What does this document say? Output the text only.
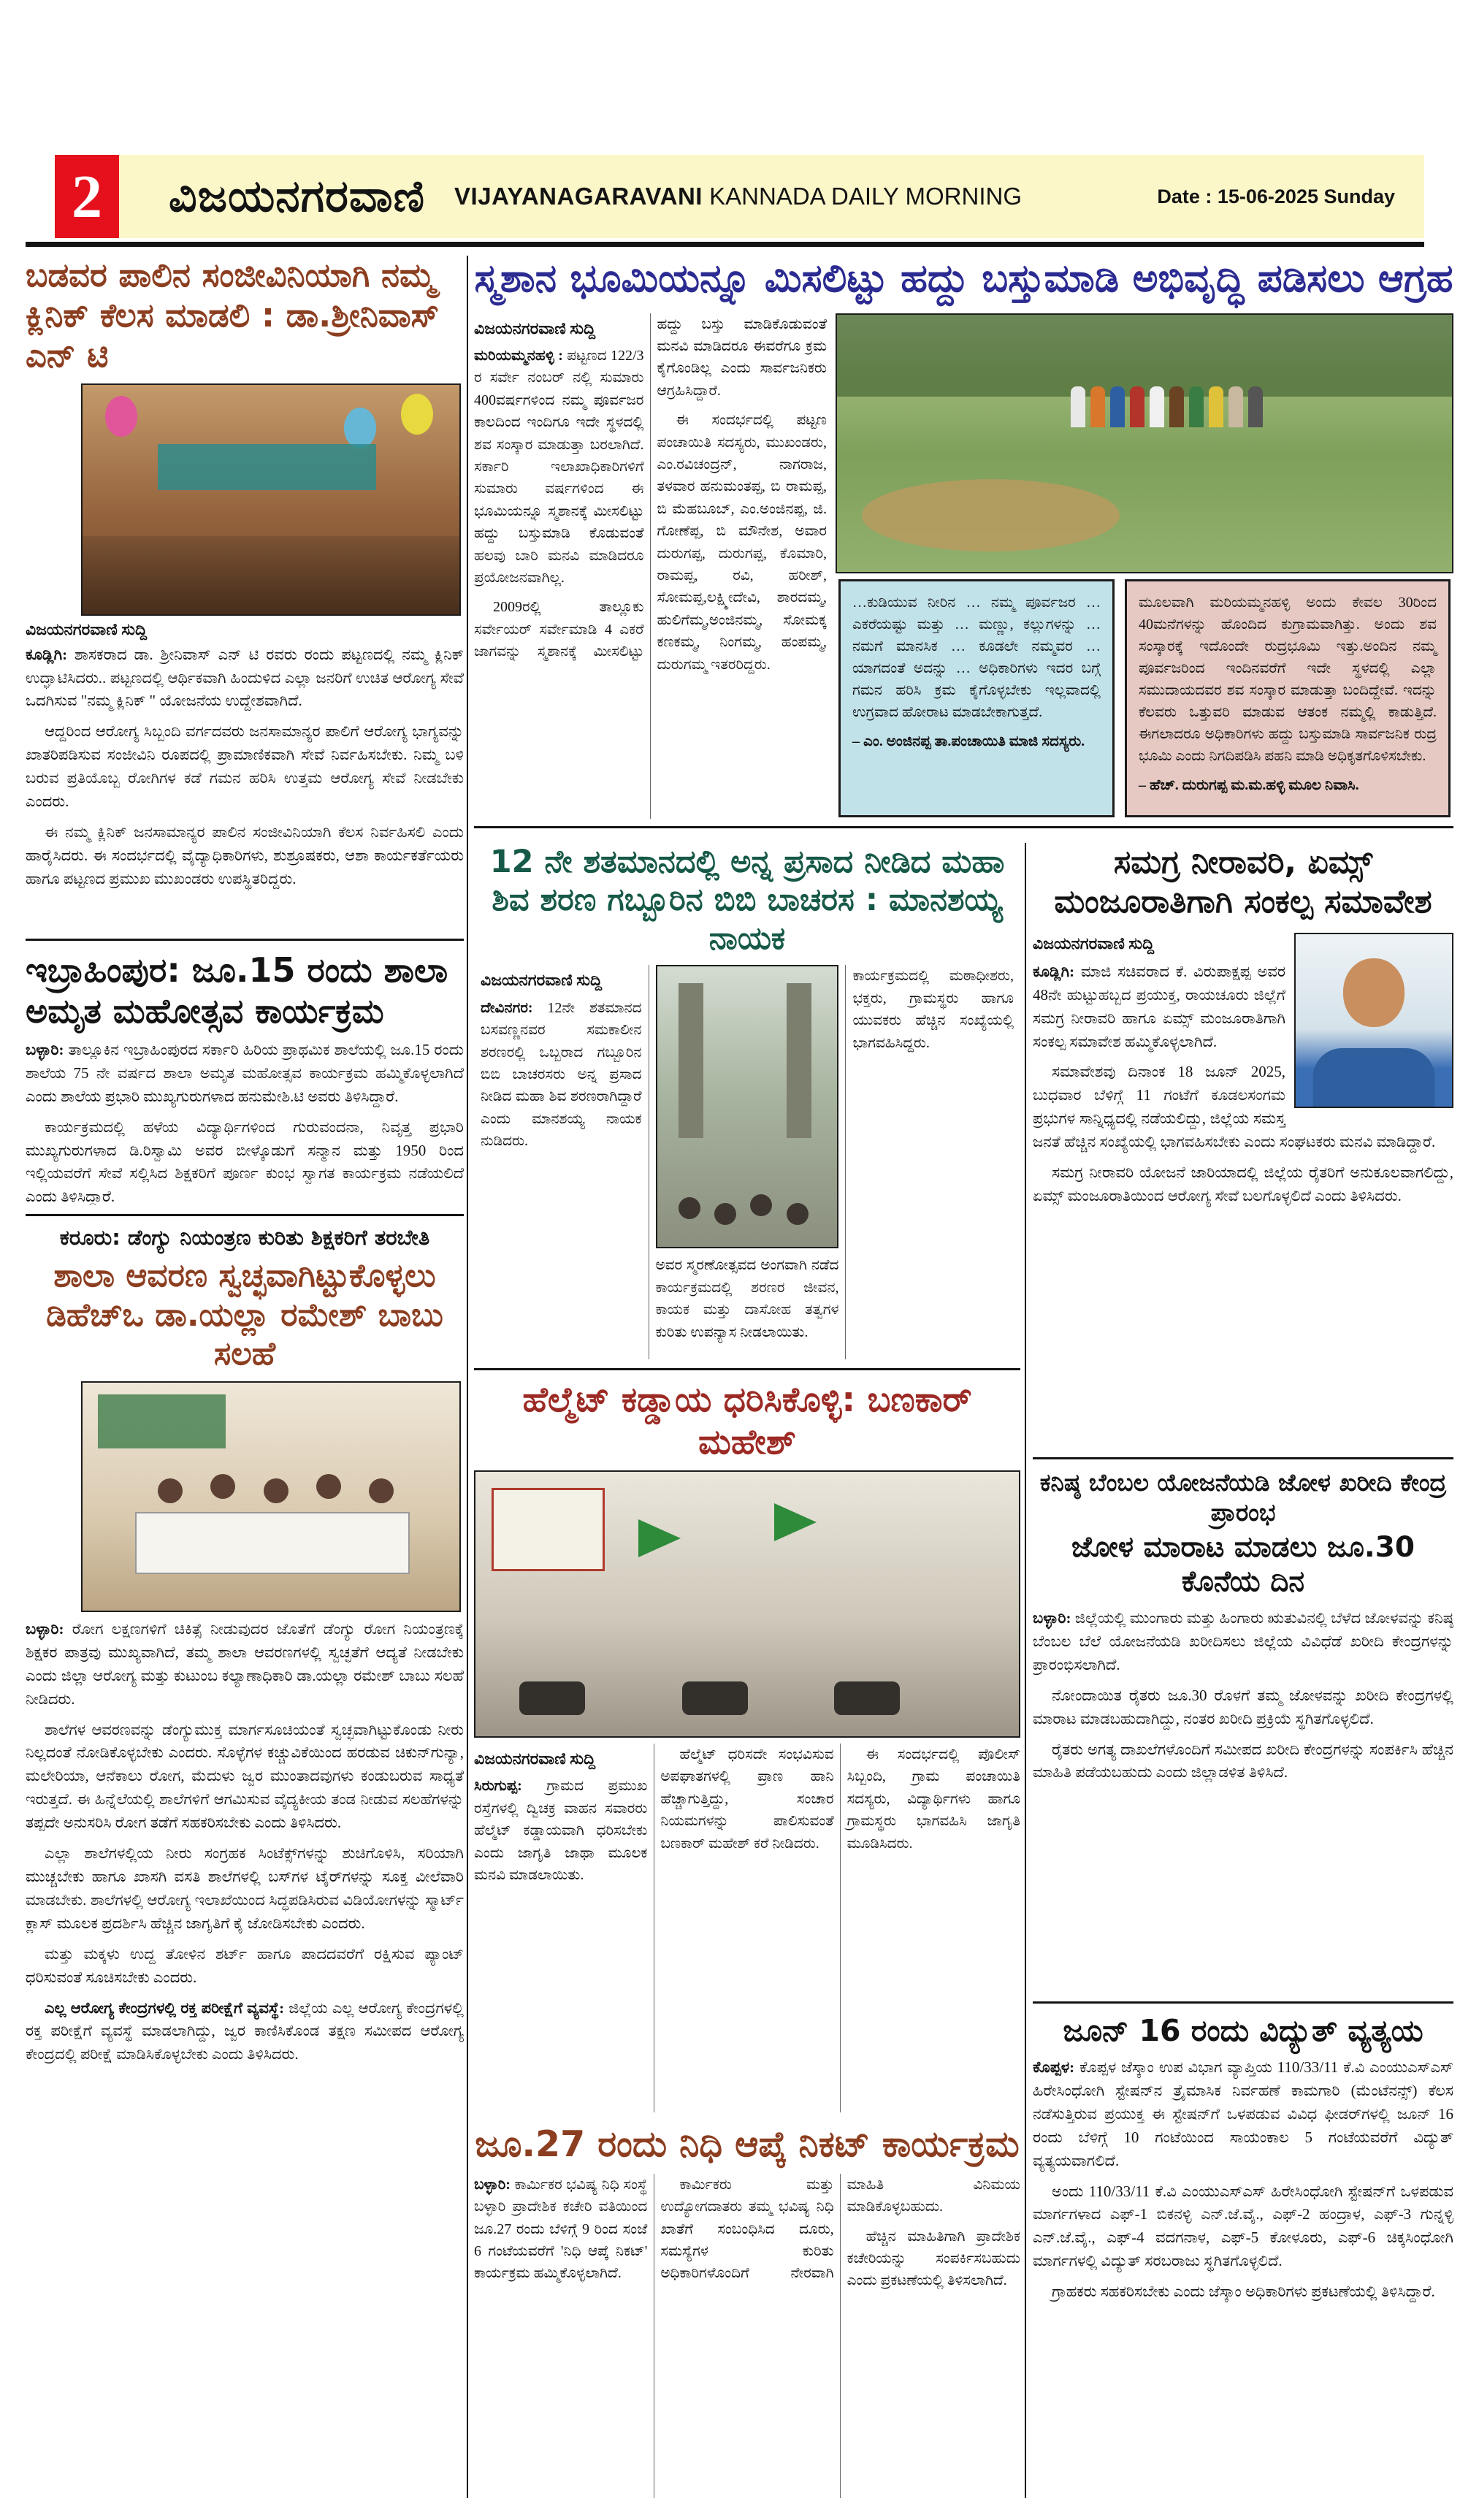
2	ವಿಜಯನಗರವಾಣಿ VIJAYANAGARAVANI KANNADA DAILY MORNING	Date : 15-06-2025 Sunday
ಬಡವರ ಪಾಲಿನ ಸಂಜೀವಿನಿಯಾಗಿ ನಮ್ಮ ಕ್ಲಿನಿಕ್ ಕೆಲಸ ಮಾಡಲಿ : ಡಾ.ಶ್ರೀನಿವಾಸ್ ಎನ್ ಟಿ
ವಿಜಯನಗರವಾಣಿ ಸುದ್ದಿ

ಕೂಡ್ಲಿಗಿ: ಶಾಸಕರಾದ ಡಾ. ಶ್ರೀನಿವಾಸ್ ಎನ್ ಟಿ ರವರು ರಂದು ಪಟ್ಟಣದಲ್ಲಿ ನಮ್ಮ ಕ್ಲಿನಿಕ್ ಉದ್ಘಾಟಿಸಿದರು.. ಪಟ್ಟಣದಲ್ಲಿ ಆರ್ಥಿಕವಾಗಿ ಹಿಂದುಳಿದ ಎಲ್ಲಾ ಜನರಿಗೆ ಉಚಿತ ಆರೋಗ್ಯ ಸೇವೆ ಒದಗಿಸುವ "ನಮ್ಮ ಕ್ಲಿನಿಕ್ " ಯೋಜನೆಯ ಉದ್ದೇಶವಾಗಿದೆ.

ಆದ್ದರಿಂದ ಆರೋಗ್ಯ ಸಿಬ್ಬಂದಿ ವರ್ಗದವರು ಜನಸಾಮಾನ್ಯರ ಪಾಲಿಗೆ ಆರೋಗ್ಯ ಭಾಗ್ಯವನ್ನು ಖಾತರಿಪಡಿಸುವ ಸಂಜೀವಿನಿ ರೂಪದಲ್ಲಿ ಪ್ರಾಮಾಣಿಕವಾಗಿ ಸೇವೆ ನಿರ್ವಹಿಸಬೇಕು. ನಿಮ್ಮ ಬಳಿ ಬರುವ ಪ್ರತಿಯೊಬ್ಬ ರೋಗಿಗಳ ಕಡೆ ಗಮನ ಹರಿಸಿ ಉತ್ತಮ ಆರೋಗ್ಯ ಸೇವೆ ನೀಡಬೇಕು ಎಂದರು.

ಈ ನಮ್ಮ ಕ್ಲಿನಿಕ್ ಜನಸಾಮಾನ್ಯರ ಪಾಲಿನ ಸಂಜೀವಿನಿಯಾಗಿ ಕೆಲಸ ನಿರ್ವಹಿಸಲಿ ಎಂದು ಹಾರೈಸಿದರು. ಈ ಸಂದರ್ಭದಲ್ಲಿ ವೈದ್ಯಾಧಿಕಾರಿಗಳು, ಶುಶ್ರೂಷಕರು, ಆಶಾ ಕಾರ್ಯಕರ್ತೆಯರು ಹಾಗೂ ಪಟ್ಟಣದ ಪ್ರಮುಖ ಮುಖಂಡರು ಉಪಸ್ಥಿತರಿದ್ದರು.

ಇಬ್ರಾಹಿಂಪುರ: ಜೂ.15 ರಂದು ಶಾಲಾ ಅಮೃತ ಮಹೋತ್ಸವ ಕಾರ್ಯಕ್ರಮ

ಬಳ್ಳಾರಿ: ತಾಲ್ಲೂಕಿನ ಇಬ್ರಾಹಿಂಪುರದ ಸರ್ಕಾರಿ ಹಿರಿಯ ಪ್ರಾಥಮಿಕ ಶಾಲೆಯಲ್ಲಿ ಜೂ.15 ರಂದು ಶಾಲೆಯ 75 ನೇ ವರ್ಷದ ಶಾಲಾ ಅಮೃತ ಮಹೋತ್ಸವ ಕಾರ್ಯಕ್ರಮ ಹಮ್ಮಿಕೊಳ್ಳಲಾಗಿದೆ ಎಂದು ಶಾಲೆಯ ಪ್ರಭಾರಿ ಮುಖ್ಯಗುರುಗಳಾದ ಹನುಮೇಶಿ.ಟಿ ಅವರು ತಿಳಿಸಿದ್ದಾರೆ.

ಕಾರ್ಯಕ್ರಮದಲ್ಲಿ ಹಳೆಯ ವಿದ್ಯಾರ್ಥಿಗಳಿಂದ ಗುರುವಂದನಾ, ನಿವೃತ್ತ ಪ್ರಭಾರಿ ಮುಖ್ಯಗುರುಗಳಾದ ಡಿ.ರಿಸ್ವಾಮಿ ಅವರ ಬೀಳ್ಕೊಡುಗೆ ಸನ್ಮಾನ ಮತ್ತು 1950 ರಿಂದ ಇಲ್ಲಿಯವರೆಗೆ ಸೇವೆ ಸಲ್ಲಿಸಿದ ಶಿಕ್ಷಕರಿಗೆ ಪೂರ್ಣ ಕುಂಭ ಸ್ವಾಗತ ಕಾರ್ಯಕ್ರಮ ನಡೆಯಲಿದೆ ಎಂದು ತಿಳಿಸಿದ್ದಾರೆ.

ಕರೂರು: ಡೆಂಗ್ಯು ನಿಯಂತ್ರಣ ಕುರಿತು ಶಿಕ್ಷಕರಿಗೆ ತರಬೇತಿ
ಶಾಲಾ ಆವರಣ ಸ್ವಚ್ಛವಾಗಿಟ್ಟುಕೊಳ್ಳಲು ಡಿಹೆಚ್ಒ ಡಾ.ಯಲ್ಲಾ ರಮೇಶ್ ಬಾಬು ಸಲಹೆ

ಬಳ್ಳಾರಿ: ರೋಗ ಲಕ್ಷಣಗಳಿಗೆ ಚಿಕಿತ್ಸೆ ನೀಡುವುದರ ಜೊತೆಗೆ ಡೆಂಗ್ಯು ರೋಗ ನಿಯಂತ್ರಣಕ್ಕೆ ಶಿಕ್ಷಕರ ಪಾತ್ರವು ಮುಖ್ಯವಾಗಿದೆ, ತಮ್ಮ ಶಾಲಾ ಆವರಣಗಳಲ್ಲಿ ಸ್ವಚ್ಛತೆಗೆ ಆದ್ಯತೆ ನೀಡಬೇಕು ಎಂದು ಜಿಲ್ಲಾ ಆರೋಗ್ಯ ಮತ್ತು ಕುಟುಂಬ ಕಲ್ಯಾಣಾಧಿಕಾರಿ ಡಾ.ಯಲ್ಲಾ ರಮೇಶ್ ಬಾಬು ಸಲಹೆ ನೀಡಿದರು.

ಶಾಲೆಗಳ ಆವರಣವನ್ನು ಡೆಂಗ್ಯುಮುಕ್ತ ಮಾರ್ಗಸೂಚಿಯಂತೆ ಸ್ವಚ್ಛವಾಗಿಟ್ಟುಕೊಂಡು ನೀರು ನಿಲ್ಲದಂತೆ ನೋಡಿಕೊಳ್ಳಬೇಕು ಎಂದರು. ಸೊಳ್ಳೆಗಳ ಕಚ್ಚುವಿಕೆಯಿಂದ ಹರಡುವ ಚಿಕುನ್‌ಗುನ್ಯಾ, ಮಲೇರಿಯಾ, ಆನೆಕಾಲು ರೋಗ, ಮೆದುಳು ಜ್ವರ ಮುಂತಾದವುಗಳು ಕಂಡುಬರುವ ಸಾಧ್ಯತೆ ಇರುತ್ತದೆ. ಈ ಹಿನ್ನೆಲೆಯಲ್ಲಿ ಶಾಲೆಗಳಿಗೆ ಆಗಮಿಸುವ ವೈದ್ಯಕೀಯ ತಂಡ ನೀಡುವ ಸಲಹೆಗಳನ್ನು ತಪ್ಪದೇ ಅನುಸರಿಸಿ ರೋಗ ತಡೆಗೆ ಸಹಕರಿಸಬೇಕು ಎಂದು ತಿಳಿಸಿದರು.

ಎಲ್ಲಾ ಶಾಲೆಗಳಲ್ಲಿಯ ನೀರು ಸಂಗ್ರಹಕ ಸಿಂಟೆಕ್ಸ್‌ಗಳನ್ನು ಶುಚಿಗೊಳಿಸಿ, ಸರಿಯಾಗಿ ಮುಚ್ಚಬೇಕು ಹಾಗೂ ಖಾಸಗಿ ವಸತಿ ಶಾಲೆಗಳಲ್ಲಿ ಬಸ್‌ಗಳ ಟೈರ್‌ಗಳನ್ನು ಸೂಕ್ತ ವೀಲೆವಾರಿ ಮಾಡಬೇಕು. ಶಾಲೆಗಳಲ್ಲಿ ಆರೋಗ್ಯ ಇಲಾಖೆಯಿಂದ ಸಿದ್ಧಪಡಿಸಿರುವ ವಿಡಿಯೋಗಳನ್ನು ಸ್ಮಾರ್ಟ್ ಕ್ಲಾಸ್ ಮೂಲಕ ಪ್ರದರ್ಶಿಸಿ ಹೆಚ್ಚಿನ ಜಾಗೃತಿಗೆ ಕೈ ಜೋಡಿಸಬೇಕು ಎಂದರು.

ಮತ್ತು ಮಕ್ಕಳು ಉದ್ದ ತೋಳಿನ ಶರ್ಟ್ ಹಾಗೂ ಪಾದದವರೆಗೆ ರಕ್ಷಿಸುವ ಪ್ಯಾಂಟ್ ಧರಿಸುವಂತೆ ಸೂಚಿಸಬೇಕು ಎಂದರು.

ಎಲ್ಲ ಆರೋಗ್ಯ ಕೇಂದ್ರಗಳಲ್ಲಿ ರಕ್ತ ಪರೀಕ್ಷೆಗೆ ವ್ಯವಸ್ಥೆ: ಜಿಲ್ಲೆಯ ಎಲ್ಲ ಆರೋಗ್ಯ ಕೇಂದ್ರಗಳಲ್ಲಿ ರಕ್ತ ಪರೀಕ್ಷೆಗೆ ವ್ಯವಸ್ಥೆ ಮಾಡಲಾಗಿದ್ದು, ಜ್ವರ ಕಾಣಿಸಿಕೊಂಡ ತಕ್ಷಣ ಸಮೀಪದ ಆರೋಗ್ಯ ಕೇಂದ್ರದಲ್ಲಿ ಪರೀಕ್ಷೆ ಮಾಡಿಸಿಕೊಳ್ಳಬೇಕು ಎಂದು ತಿಳಿಸಿದರು.

ಸ್ಮಶಾನ ಭೂಮಿಯನ್ನೂ ಮಿಸಲಿಟ್ಟು ಹದ್ದು ಬಸ್ತುಮಾಡಿ ಅಭಿವೃದ್ಧಿ ಪಡಿಸಲು ಆಗ್ರಹ
ವಿಜಯನಗರವಾಣಿ ಸುದ್ದಿ

ಮರಿಯಮ್ಮನಹಳ್ಳಿ : ಪಟ್ಟಣದ 122/3 ರ ಸರ್ವೇ ನಂಬರ್ ನಲ್ಲಿ ಸುಮಾರು 400ವರ್ಷಗಳಿಂದ ನಮ್ಮ ಪೂರ್ವಜರ ಕಾಲದಿಂದ ಇಂದಿಗೂ ಇದೇ ಸ್ಥಳದಲ್ಲಿ ಶವ ಸಂಸ್ಕಾರ ಮಾಡುತ್ತಾ ಬರಲಾಗಿದೆ. ಸರ್ಕಾರಿ ಇಲಾಖಾಧಿಕಾರಿಗಳಿಗೆ ಸುಮಾರು ವರ್ಷಗಳಿಂದ ಈ ಭೂಮಿಯನ್ನೂ ಸ್ಮಶಾನಕ್ಕೆ ಮೀಸಲಿಟ್ಟು ಹದ್ದು ಬಸ್ತುಮಾಡಿ ಕೊಡುವಂತೆ ಹಲವು ಬಾರಿ ಮನವಿ ಮಾಡಿದರೂ ಪ್ರಯೋಜನವಾಗಿಲ್ಲ.

2009ರಲ್ಲಿ ತಾಲ್ಲೂಕು ಸರ್ವೇಯರ್ ಸರ್ವೇಮಾಡಿ 4 ಎಕರೆ ಜಾಗವನ್ನು ಸ್ಮಶಾನಕ್ಕೆ ಮೀಸಲಿಟ್ಟು ಹದ್ದು ಬಸ್ತು ಮಾಡಿಕೊಡುವಂತೆ ಮನವಿ ಮಾಡಿದರೂ ಈವರೆಗೂ ಕ್ರಮ ಕೈಗೊಂಡಿಲ್ಲ ಎಂದು ಸಾರ್ವಜನಿಕರು ಆಗ್ರಹಿಸಿದ್ದಾರೆ.

ಈ ಸಂದರ್ಭದಲ್ಲಿ ಪಟ್ಟಣ ಪಂಚಾಯಿತಿ ಸದಸ್ಯರು, ಮುಖಂಡರು, ಎಂ.ರವಿಚಂದ್ರನ್, ನಾಗರಾಜ, ತಳವಾರ ಹನುಮಂತಪ್ಪ, ಬಿ ರಾಮಪ್ಪ, ಬಿ ಮೆಹಬೂಬ್, ಎಂ.ಅಂಜಿನಪ್ಪ, ಜಿ. ಗೋಣೆಪ್ಪ, ಬಿ ಮೌನೇಶ, ಅವಾರ ದುರುಗಪ್ಪ, ದುರುಗಪ್ಪ, ಕೊಮಾರಿ, ರಾಮಪ್ಪ, ರವಿ, ಹರೀಶ್, ಸೋಮಪ್ಪ,ಲಕ್ಷ್ಮೀದೇವಿ, ಶಾರದಮ್ಮ, ಹುಲಿಗೆಮ್ಮ,ಅಂಜಿನಮ್ಮ, ಸೋಮಕ್ಕ ಕಣಕಮ್ಮ, ನಿಂಗಮ್ಮ, ಹಂಪಮ್ಮ, ದುರುಗಮ್ಮ ಇತರರಿದ್ದರು.

…ಕುಡಿಯುವ ನೀರಿನ … ನಮ್ಮ ಪೂರ್ವಜರ … ಎಕರೆಯಷ್ಟು ಮತ್ತು … ಮಣ್ಣು, ಕಲ್ಲುಗಳನ್ನು … ನಮಗೆ ಮಾನಸಿಕ … ಕೂಡಲೇ ನಮ್ಮವರ …ಯಾಗದಂತೆ ಅದನ್ನು … ಅಧಿಕಾರಿಗಳು ಇದರ ಬಗ್ಗೆ ಗಮನ ಹರಿಸಿ ಕ್ರಮ ಕೈಗೊಳ್ಳಬೇಕು ಇಲ್ಲವಾದಲ್ಲಿ ಉಗ್ರವಾದ ಹೋರಾಟ ಮಾಡಬೇಕಾಗುತ್ತದೆ.
– ಎಂ. ಅಂಜಿನಪ್ಪ ತಾ.ಪಂಚಾಯಿತಿ ಮಾಜಿ ಸದಸ್ಯರು.
ಮೂಲವಾಗಿ ಮರಿಯಮ್ಮನಹಳ್ಳಿ ಅಂದು ಕೇವಲ 30ರಿಂದ 40ಮನೆಗಳನ್ನು ಹೊಂದಿದ ಕುಗ್ರಾಮವಾಗಿತ್ತು. ಅಂದು ಶವ ಸಂಸ್ಕಾರಕ್ಕೆ ಇದೊಂದೇ ರುದ್ರಭೂಮಿ ಇತ್ತು.ಅಂದಿನ ನಮ್ಮ ಪೂರ್ವಜರಿಂದ ಇಂದಿನವರೆಗೆ ಇದೇ ಸ್ಥಳದಲ್ಲಿ ಎಲ್ಲಾ ಸಮುದಾಯದವರ ಶವ ಸಂಸ್ಕಾರ ಮಾಡುತ್ತಾ ಬಂದಿದ್ದೇವೆ. ಇದನ್ನು ಕೆಲವರು ಒತ್ತುವರಿ ಮಾಡುವ ಆತಂಕ ನಮ್ಮಲ್ಲಿ ಕಾಡುತ್ತಿದೆ. ಈಗಲಾದರೂ ಅಧಿಕಾರಿಗಳು ಹದ್ದು ಬಸ್ತುಮಾಡಿ ಸಾರ್ವಜನಿಕ ರುದ್ರ ಭೂಮಿ ಎಂದು ನಿಗದಿಪಡಿಸಿ ಪಹನಿ ಮಾಡಿ ಅಧಿಕೃತಗೊಳಿಸಬೇಕು.
– ಹೆಚ್. ದುರುಗಪ್ಪ ಮ.ಮ.ಹಳ್ಳಿ ಮೂಲ ನಿವಾಸಿ.
12 ನೇ ಶತಮಾನದಲ್ಲಿ ಅನ್ನ ಪ್ರಸಾದ ನೀಡಿದ ಮಹಾ ಶಿವ ಶರಣ ಗಬ್ಬೂರಿನ ಬಿಬಿ ಬಾಚರಸ : ಮಾನಶಯ್ಯ ನಾಯಕ
ವಿಜಯನಗರವಾಣಿ ಸುದ್ದಿ

ದೇವಿನಗರ: 12ನೇ ಶತಮಾನದ ಬಸವಣ್ಣನವರ ಸಮಕಾಲೀನ ಶರಣರಲ್ಲಿ ಒಬ್ಬರಾದ ಗಬ್ಬೂರಿನ ಬಿಬಿ ಬಾಚರಸರು ಅನ್ನ ಪ್ರಸಾದ ನೀಡಿದ ಮಹಾ ಶಿವ ಶರಣರಾಗಿದ್ದಾರೆ ಎಂದು ಮಾನಶಯ್ಯ ನಾಯಕ ನುಡಿದರು.

ಅವರ ಸ್ಮರಣೋತ್ಸವದ ಅಂಗವಾಗಿ ನಡೆದ ಕಾರ್ಯಕ್ರಮದಲ್ಲಿ ಶರಣರ ಜೀವನ, ಕಾಯಕ ಮತ್ತು ದಾಸೋಹ ತತ್ವಗಳ ಕುರಿತು ಉಪನ್ಯಾಸ ನೀಡಲಾಯಿತು.

ಕಾರ್ಯಕ್ರಮದಲ್ಲಿ ಮಠಾಧೀಶರು, ಭಕ್ತರು, ಗ್ರಾಮಸ್ಥರು ಹಾಗೂ ಯುವಕರು ಹೆಚ್ಚಿನ ಸಂಖ್ಯೆಯಲ್ಲಿ ಭಾಗವಹಿಸಿದ್ದರು.

ಹೆಲ್ಮೆಟ್ ಕಡ್ಡಾಯ ಧರಿಸಿಕೊಳ್ಳಿ: ಬಣಕಾರ್ ಮಹೇಶ್
ವಿಜಯನಗರವಾಣಿ ಸುದ್ದಿ

ಸಿರುಗುಪ್ಪ: ಗ್ರಾಮದ ಪ್ರಮುಖ ರಸ್ತೆಗಳಲ್ಲಿ ದ್ವಿಚಕ್ರ ವಾಹನ ಸವಾರರು ಹೆಲ್ಮೆಟ್ ಕಡ್ಡಾಯವಾಗಿ ಧರಿಸಬೇಕು ಎಂದು ಜಾಗೃತಿ ಜಾಥಾ ಮೂಲಕ ಮನವಿ ಮಾಡಲಾಯಿತು.

ಹೆಲ್ಮೆಟ್ ಧರಿಸದೇ ಸಂಭವಿಸುವ ಅಪಘಾತಗಳಲ್ಲಿ ಪ್ರಾಣ ಹಾನಿ ಹೆಚ್ಚಾಗುತ್ತಿದ್ದು, ಸಂಚಾರ ನಿಯಮಗಳನ್ನು ಪಾಲಿಸುವಂತೆ ಬಣಕಾರ್ ಮಹೇಶ್ ಕರೆ ನೀಡಿದರು.

ಈ ಸಂದರ್ಭದಲ್ಲಿ ಪೊಲೀಸ್ ಸಿಬ್ಬಂದಿ, ಗ್ರಾಮ ಪಂಚಾಯಿತಿ ಸದಸ್ಯರು, ವಿದ್ಯಾರ್ಥಿಗಳು ಹಾಗೂ ಗ್ರಾಮಸ್ಥರು ಭಾಗವಹಿಸಿ ಜಾಗೃತಿ ಮೂಡಿಸಿದರು.

ಜೂ.27 ರಂದು ನಿಧಿ ಆಪ್ಕೆ ನಿಕಟ್ ಕಾರ್ಯಕ್ರಮ

ಬಳ್ಳಾರಿ: ಕಾರ್ಮಿಕರ ಭವಿಷ್ಯ ನಿಧಿ ಸಂಸ್ಥೆ ಬಳ್ಳಾರಿ ಪ್ರಾದೇಶಿಕ ಕಚೇರಿ ವತಿಯಿಂದ ಜೂ.27 ರಂದು ಬೆಳಿಗ್ಗೆ 9 ರಿಂದ ಸಂಜೆ 6 ಗಂಟೆಯವರೆಗೆ 'ನಿಧಿ ಆಪ್ಕೆ ನಿಕಟ್' ಕಾರ್ಯಕ್ರಮ ಹಮ್ಮಿಕೊಳ್ಳಲಾಗಿದೆ.

ಕಾರ್ಮಿಕರು ಮತ್ತು ಉದ್ಯೋಗದಾತರು ತಮ್ಮ ಭವಿಷ್ಯ ನಿಧಿ ಖಾತೆಗೆ ಸಂಬಂಧಿಸಿದ ದೂರು, ಸಮಸ್ಯೆಗಳ ಕುರಿತು ಅಧಿಕಾರಿಗಳೊಂದಿಗೆ ನೇರವಾಗಿ ಮಾಹಿತಿ ವಿನಿಮಯ ಮಾಡಿಕೊಳ್ಳಬಹುದು.

ಹೆಚ್ಚಿನ ಮಾಹಿತಿಗಾಗಿ ಪ್ರಾದೇಶಿಕ ಕಚೇರಿಯನ್ನು ಸಂಪರ್ಕಿಸಬಹುದು ಎಂದು ಪ್ರಕಟಣೆಯಲ್ಲಿ ತಿಳಿಸಲಾಗಿದೆ.

ಸಮಗ್ರ ನೀರಾವರಿ, ಏಮ್ಸ್ ಮಂಜೂರಾತಿಗಾಗಿ ಸಂಕಲ್ಪ ಸಮಾವೇಶ
ವಿಜಯನಗರವಾಣಿ ಸುದ್ದಿ

ಕೂಡ್ಲಿಗಿ: ಮಾಜಿ ಸಚಿವರಾದ ಕೆ. ವಿರುಪಾಕ್ಷಪ್ಪ ಅವರ 48ನೇ ಹುಟ್ಟುಹಬ್ಬದ ಪ್ರಯುಕ್ತ, ರಾಯಚೂರು ಜಿಲ್ಲೆಗೆ ಸಮಗ್ರ ನೀರಾವರಿ ಹಾಗೂ ಏಮ್ಸ್ ಮಂಜೂರಾತಿಗಾಗಿ ಸಂಕಲ್ಪ ಸಮಾವೇಶ ಹಮ್ಮಿಕೊಳ್ಳಲಾಗಿದೆ.

ಸಮಾವೇಶವು ದಿನಾಂಕ 18 ಜೂನ್ 2025, ಬುಧವಾರ ಬೆಳಿಗ್ಗೆ 11 ಗಂಟೆಗೆ ಕೂಡಲಸಂಗಮ ಪ್ರಭುಗಳ ಸಾನ್ನಿಧ್ಯದಲ್ಲಿ ನಡೆಯಲಿದ್ದು, ಜಿಲ್ಲೆಯ ಸಮಸ್ತ ಜನತೆ ಹೆಚ್ಚಿನ ಸಂಖ್ಯೆಯಲ್ಲಿ ಭಾಗವಹಿಸಬೇಕು ಎಂದು ಸಂಘಟಕರು ಮನವಿ ಮಾಡಿದ್ದಾರೆ.

ಸಮಗ್ರ ನೀರಾವರಿ ಯೋಜನೆ ಜಾರಿಯಾದಲ್ಲಿ ಜಿಲ್ಲೆಯ ರೈತರಿಗೆ ಅನುಕೂಲವಾಗಲಿದ್ದು, ಏಮ್ಸ್ ಮಂಜೂರಾತಿಯಿಂದ ಆರೋಗ್ಯ ಸೇವೆ ಬಲಗೊಳ್ಳಲಿದೆ ಎಂದು ತಿಳಿಸಿದರು.

ಕನಿಷ್ಠ ಬೆಂಬಲ ಯೋಜನೆಯಡಿ ಜೋಳ ಖರೀದಿ ಕೇಂದ್ರ ಪ್ರಾರಂಭ
ಜೋಳ ಮಾರಾಟ ಮಾಡಲು ಜೂ.30 ಕೊನೆಯ ದಿನ

ಬಳ್ಳಾರಿ: ಜಿಲ್ಲೆಯಲ್ಲಿ ಮುಂಗಾರು ಮತ್ತು ಹಿಂಗಾರು ಋತುವಿನಲ್ಲಿ ಬೆಳೆದ ಜೋಳವನ್ನು ಕನಿಷ್ಠ ಬೆಂಬಲ ಬೆಲೆ ಯೋಜನೆಯಡಿ ಖರೀದಿಸಲು ಜಿಲ್ಲೆಯ ವಿವಿಧೆಡೆ ಖರೀದಿ ಕೇಂದ್ರಗಳನ್ನು ಪ್ರಾರಂಭಿಸಲಾಗಿದೆ.

ನೋಂದಾಯಿತ ರೈತರು ಜೂ.30 ರೊಳಗೆ ತಮ್ಮ ಜೋಳವನ್ನು ಖರೀದಿ ಕೇಂದ್ರಗಳಲ್ಲಿ ಮಾರಾಟ ಮಾಡಬಹುದಾಗಿದ್ದು, ನಂತರ ಖರೀದಿ ಪ್ರಕ್ರಿಯೆ ಸ್ಥಗಿತಗೊಳ್ಳಲಿದೆ.

ರೈತರು ಅಗತ್ಯ ದಾಖಲೆಗಳೊಂದಿಗೆ ಸಮೀಪದ ಖರೀದಿ ಕೇಂದ್ರಗಳನ್ನು ಸಂಪರ್ಕಿಸಿ ಹೆಚ್ಚಿನ ಮಾಹಿತಿ ಪಡೆಯಬಹುದು ಎಂದು ಜಿಲ್ಲಾಡಳಿತ ತಿಳಿಸಿದೆ.

ಜೂನ್ 16 ರಂದು ವಿದ್ಯುತ್ ವ್ಯತ್ಯಯ

ಕೊಪ್ಪಳ: ಕೊಪ್ಪಳ ಜೆಸ್ಕಾಂ ಉಪ ವಿಭಾಗ ವ್ಯಾಪ್ತಿಯ 110/33/11 ಕೆ.ವಿ ಎಂಯುಎಸ್‌ಎಸ್ ಹಿರೇಸಿಂಧೋಗಿ ಸ್ಟೇಷನ್‌ನ ತ್ರೈಮಾಸಿಕ ನಿರ್ವಹಣೆ ಕಾಮಗಾರಿ (ಮೆಂಟೆನನ್ಸ್) ಕೆಲಸ ನಡೆಸುತ್ತಿರುವ ಪ್ರಯುಕ್ತ ಈ ಸ್ಟೇಷನ್‌ಗೆ ಒಳಪಡುವ ವಿವಿಧ ಫೀಡರ್‌ಗಳಲ್ಲಿ ಜೂನ್ 16 ರಂದು ಬೆಳಿಗ್ಗೆ 10 ಗಂಟೆಯಿಂದ ಸಾಯಂಕಾಲ 5 ಗಂಟೆಯವರೆಗೆ ವಿದ್ಯುತ್ ವ್ಯತ್ಯಯವಾಗಲಿದೆ.

ಅಂದು 110/33/11 ಕೆ.ವಿ ಎಂಯುಎಸ್‌ಎಸ್ ಹಿರೇಸಿಂಧೋಗಿ ಸ್ಟೇಷನ್‌ಗೆ ಒಳಪಡುವ ಮಾರ್ಗಗಳಾದ ಎಫ್-1 ಬಿಕನಳ್ಳಿ ಎನ್.ಜೆ.ವೈ., ಎಫ್-2 ಹಂದ್ರಾಳ, ಎಫ್-3 ಗುನ್ನಳ್ಳಿ ಎನ್.ಜೆ.ವೈ., ಎಫ್-4 ವದಗನಾಳ, ಎಫ್-5 ಕೋಳೂರು, ಎಫ್-6 ಚಿಕ್ಕಸಿಂಧೋಗಿ ಮಾರ್ಗಗಳಲ್ಲಿ ವಿದ್ಯುತ್ ಸರಬರಾಜು ಸ್ಥಗಿತಗೊಳ್ಳಲಿದೆ.

ಗ್ರಾಹಕರು ಸಹಕರಿಸಬೇಕು ಎಂದು ಜೆಸ್ಕಾಂ ಅಧಿಕಾರಿಗಳು ಪ್ರಕಟಣೆಯಲ್ಲಿ ತಿಳಿಸಿದ್ದಾರೆ.
